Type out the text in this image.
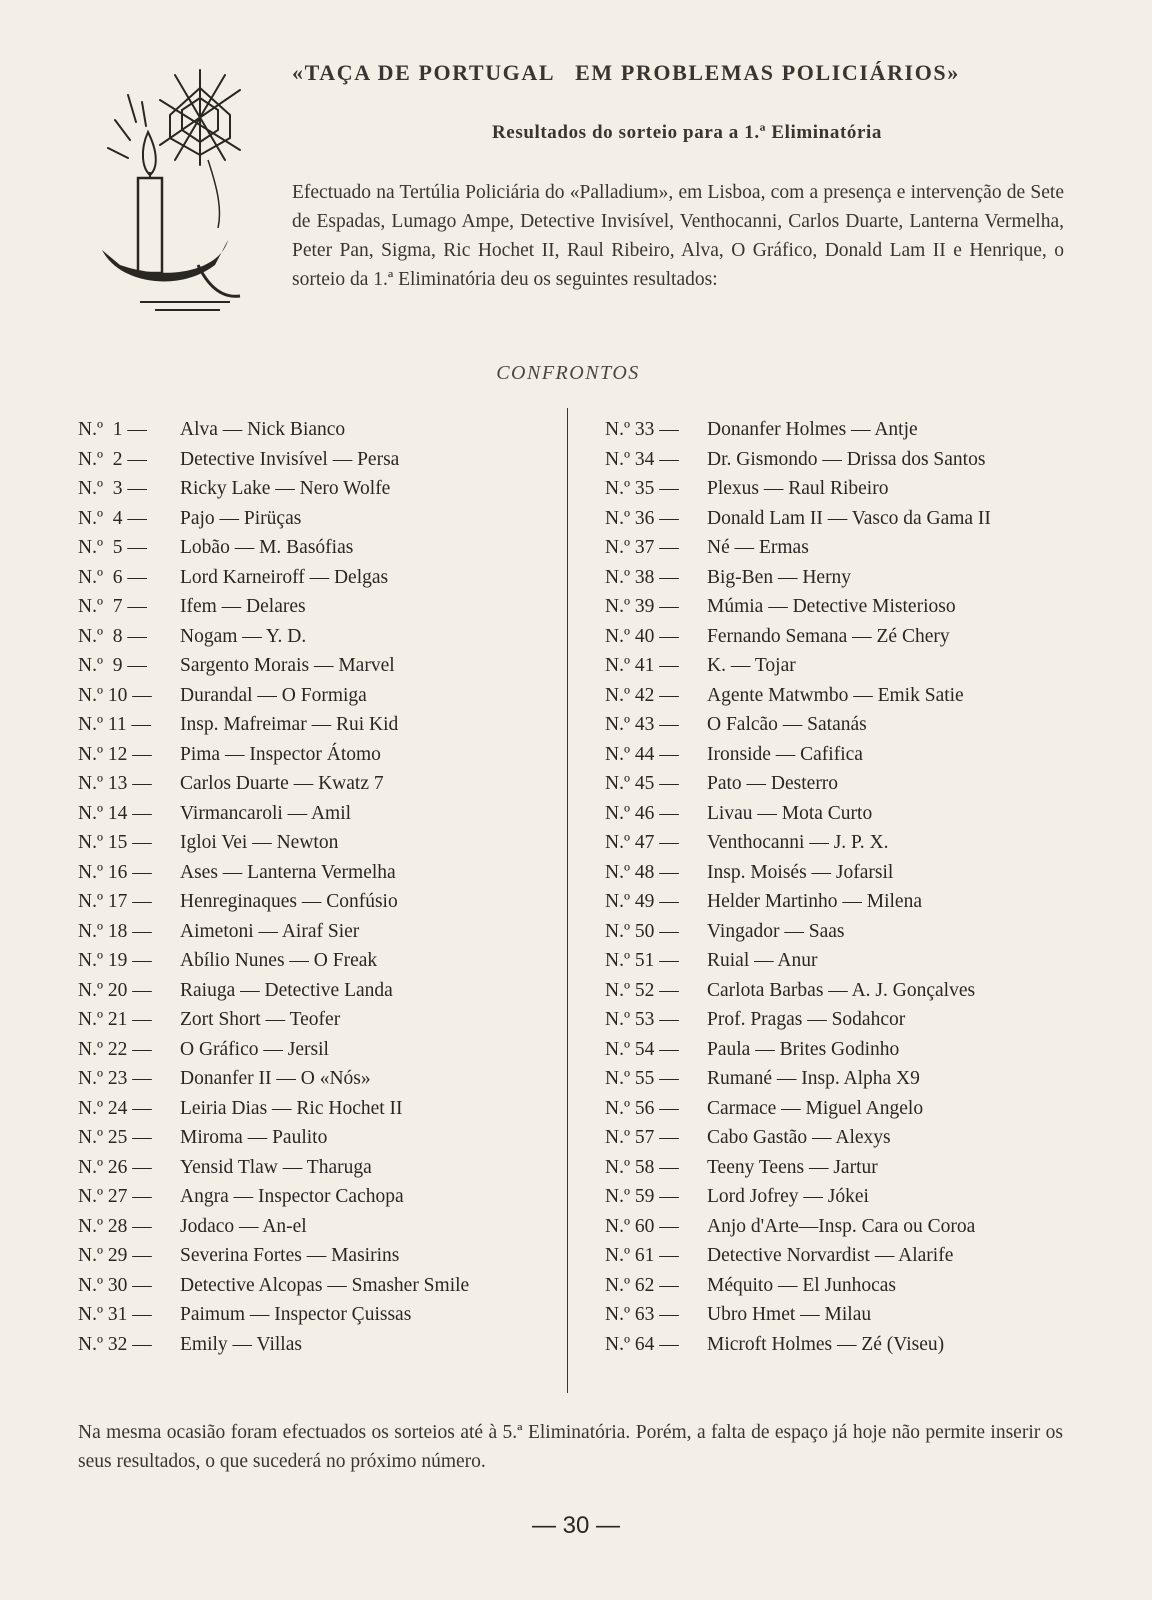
«TAÇA DE PORTUGAL EM PROBLEMAS POLICIÁRIOS»
Resultados do sorteio para a 1.ª Eliminatória
Efectuado na Tertúlia Policiária do «Palladium», em Lisboa, com a presença e intervenção de Sete de Espadas, Lumago Ampe, Detective Invisível, Venthocanni, Carlos Duarte, Lanterna Vermelha, Peter Pan, Sigma, Ric Hochet II, Raul Ribeiro, Alva, O Gráfico, Donald Lam II e Henrique, o sorteio da 1.ª Eliminatória deu os seguintes resultados:
CONFRONTOS
N.º  1 —	Alva — Nick Bianco
N.º  2 —	Detective Invisível — Persa
N.º  3 —	Ricky Lake — Nero Wolfe
N.º  4 —	Pajo — Pirüças
N.º  5 —	Lobão — M. Basófias
N.º  6 —	Lord Karneiroff — Delgas
N.º  7 —	Ifem — Delares
N.º  8 —	Nogam — Y. D.
N.º  9 —	Sargento Morais — Marvel
N.º 10 —	Durandal — O Formiga
N.º 11 —	Insp. Mafreimar — Rui Kid
N.º 12 —	Pima — Inspector Átomo
N.º 13 —	Carlos Duarte — Kwatz 7
N.º 14 —	Virmancaroli — Amil
N.º 15 —	Igloi Vei — Newton
N.º 16 —	Ases — Lanterna Vermelha
N.º 17 —	Henreginaques — Confúsio
N.º 18 —	Aimetoni — Airaf Sier
N.º 19 —	Abílio Nunes — O Freak
N.º 20 —	Raiuga — Detective Landa
N.º 21 —	Zort Short — Teofer
N.º 22 —	O Gráfico — Jersil
N.º 23 —	Donanfer II — O «Nós»
N.º 24 —	Leiria Dias — Ric Hochet II
N.º 25 —	Miroma — Paulito
N.º 26 —	Yensid Tlaw — Tharuga
N.º 27 —	Angra — Inspector Cachopa
N.º 28 —	Jodaco — An-el
N.º 29 —	Severina Fortes — Masirins
N.º 30 —	Detective Alcopas — Smasher Smile
N.º 31 —	Paimum — Inspector Çuissas
N.º 32 —	Emily — Villas
N.º 33 —	Donanfer Holmes — Antje
N.º 34 —	Dr. Gismondo — Drissa dos Santos
N.º 35 —	Plexus — Raul Ribeiro
N.º 36 —	Donald Lam II — Vasco da Gama II
N.º 37 —	Né — Ermas
N.º 38 —	Big-Ben — Herny
N.º 39 —	Múmia — Detective Misterioso
N.º 40 —	Fernando Semana — Zé Chery
N.º 41 —	K. — Tojar
N.º 42 —	Agente Matwmbo — Emik Satie
N.º 43 —	O Falcão — Satanás
N.º 44 —	Ironside — Cafifica
N.º 45 —	Pato — Desterro
N.º 46 —	Livau — Mota Curto
N.º 47 —	Venthocanni — J. P. X.
N.º 48 —	Insp. Moisés — Jofarsil
N.º 49 —	Helder Martinho — Milena
N.º 50 —	Vingador — Saas
N.º 51 —	Ruial — Anur
N.º 52 —	Carlota Barbas — A. J. Gonçalves
N.º 53 —	Prof. Pragas — Sodahcor
N.º 54 —	Paula — Brites Godinho
N.º 55 —	Rumané — Insp. Alpha X9
N.º 56 —	Carmace — Miguel Angelo
N.º 57 —	Cabo Gastão — Alexys
N.º 58 —	Teeny Teens — Jartur
N.º 59 —	Lord Jofrey — Jókei
N.º 60 —	Anjo d'Arte—Insp. Cara ou Coroa
N.º 61 —	Detective Norvardist — Alarife
N.º 62 —	Méquito — El Junhocas
N.º 63 —	Ubro Hmet — Milau
N.º 64 —	Microft Holmes — Zé (Viseu)
Na mesma ocasião foram efectuados os sorteios até à 5.ª Eliminatória. Porém, a falta de espaço já hoje não permite inserir os seus resultados, o que sucederá no próximo número.
— 30 —
